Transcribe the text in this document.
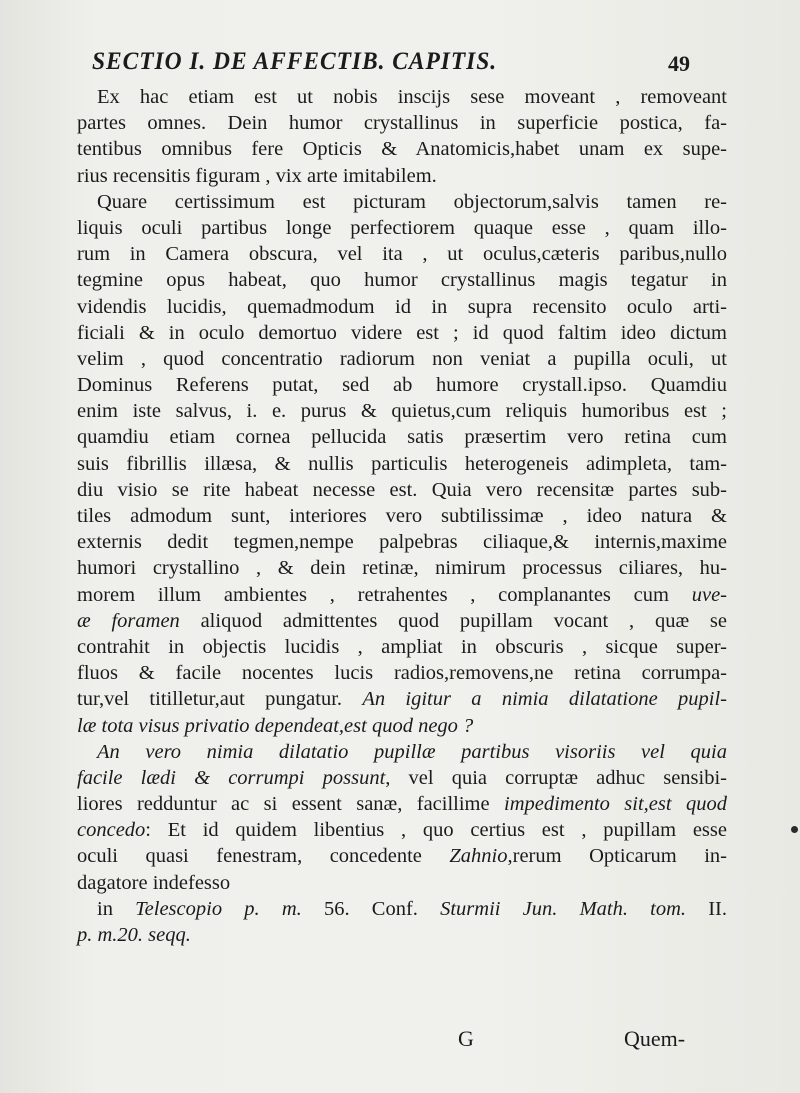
SECTIO I. DE AFFECTIB. CAPITIS.	49
Ex hac etiam est ut nobis inscijs sese moveant , removeant
partes omnes. Dein humor crystallinus in superficie postica, fa-
tentibus omnibus fere Opticis & Anatomicis,habet unam ex supe-
rius recensitis figuram , vix arte imitabilem.
Quare certissimum est picturam objectorum,salvis tamen re-
liquis oculi partibus longe perfectiorem quaque esse , quam illo-
rum in Camera obscura, vel ita , ut oculus,cæteris paribus,nullo
tegmine opus habeat, quo humor crystallinus magis tegatur in
videndis lucidis, quemadmodum id in supra recensito oculo arti-
ficiali & in oculo demortuo videre est ; id quod faltim ideo dictum
velim , quod concentratio radiorum non veniat a pupilla oculi, ut
Dominus Referens putat, sed ab humore crystall.ipso. Quamdiu
enim iste salvus, i. e. purus & quietus,cum reliquis humoribus est ;
quamdiu etiam cornea pellucida satis præsertim vero retina cum
suis fibrillis illæsa, & nullis particulis heterogeneis adimpleta, tam-
diu visio se rite habeat necesse est. Quia vero recensitæ partes sub-
tiles admodum sunt, interiores vero subtilissimæ , ideo natura &
externis dedit tegmen,nempe palpebras ciliaque,& internis,maxime
humori crystallino , & dein retinæ, nimirum processus ciliares, hu-
morem illum ambientes , retrahentes , complanantes cum uve-
æ foramen aliquod admittentes quod pupillam vocant , quæ se
contrahit in objectis lucidis , ampliat in obscuris , sicque super-
fluos & facile nocentes lucis radios,removens,ne retina corrumpa-
tur,vel titilletur,aut pungatur. An igitur a nimia dilatatione pupil-
læ tota visus privatio dependeat,est quod nego ?
An vero nimia dilatatio pupillæ partibus visoriis vel quia
facile lædi & corrumpi possunt, vel quia corruptæ adhuc sensibi-
liores redduntur ac si essent sanæ, facillime impedimento sit,est quod
concedo: Et id quidem libentius , quo certius est , pupillam esse
oculi quasi fenestram, concedente Zahnio,rerum Opticarum in-
dagatore indefesso
in Telescopio p. m. 56. Conf. Sturmii Jun. Math. tom. II.
p. m.20. seqq.
G	Quem-
